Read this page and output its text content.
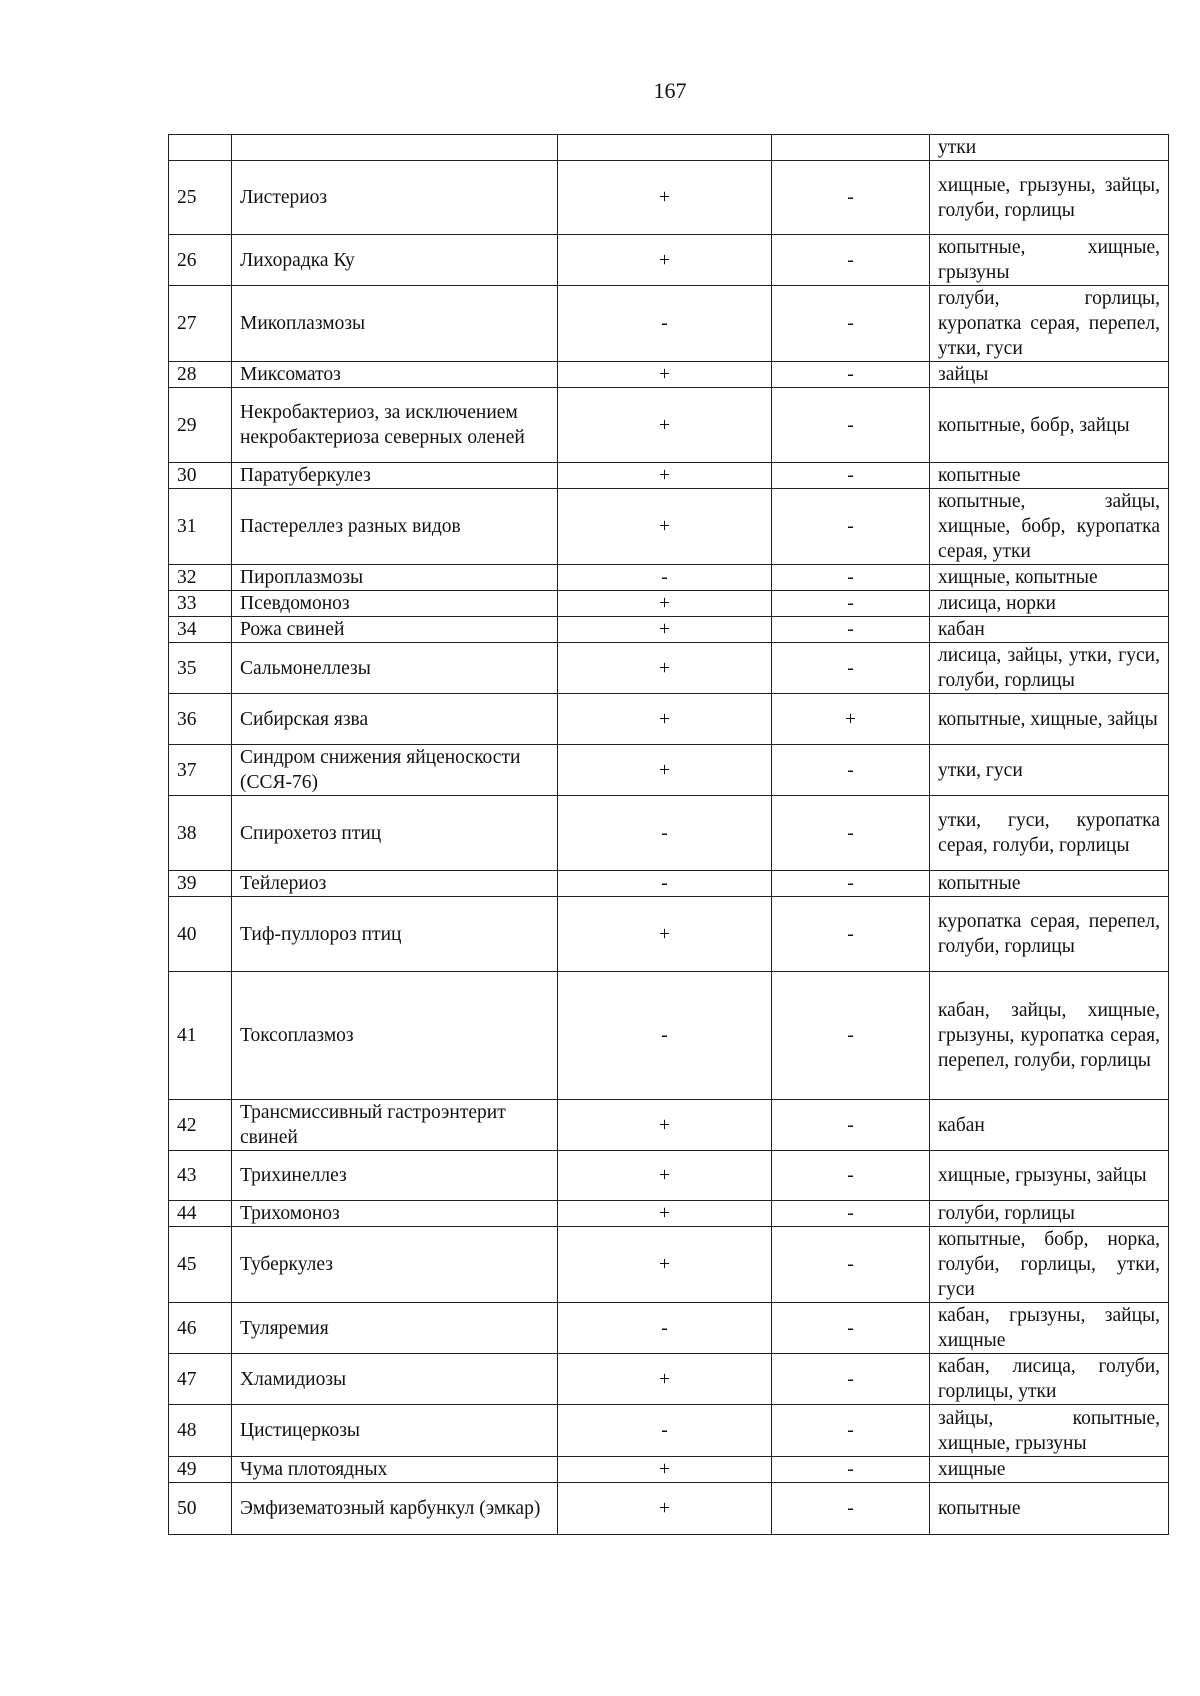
167
				утки
25	Листериоз	+	-	хищные, грызуны, зайцы, голуби, горлицы
26	Лихорадка Ку	+	-	копытные, хищные, грызуны
27	Микоплазмозы	-	-	голуби, горлицы, куропатка серая, перепел, утки, гуси
28	Миксоматоз	+	-	зайцы
29	Некробактериоз, за исключением некробактериоза северных оленей	+	-	копытные, бобр, зайцы
30	Паратуберкулез	+	-	копытные
31	Пастереллез разных видов	+	-	копытные, зайцы, хищные, бобр, куропатка серая, утки
32	Пироплазмозы	-	-	хищные, копытные
33	Псевдомоноз	+	-	лисица, норки
34	Рожа свиней	+	-	кабан
35	Сальмонеллезы	+	-	лисица, зайцы, утки, гуси, голуби, горлицы
36	Сибирская язва	+	+	копытные, хищные, зайцы
37	Синдром снижения яйценоскости (ССЯ-76)	+	-	утки, гуси
38	Спирохетоз птиц	-	-	утки, гуси, куропатка серая, голуби, горлицы
39	Тейлериоз	-	-	копытные
40	Тиф-пуллороз птиц	+	-	куропатка серая, перепел, голуби, горлицы
41	Токсоплазмоз	-	-	кабан, зайцы, хищные, грызуны, куропатка серая, перепел, голуби, горлицы
42	Трансмиссивный гастроэнтерит свиней	+	-	кабан
43	Трихинеллез	+	-	хищные, грызуны, зайцы
44	Трихомоноз	+	-	голуби, горлицы
45	Туберкулез	+	-	копытные, бобр, норка, голуби, горлицы, утки, гуси
46	Туляремия	-	-	кабан, грызуны, зайцы, хищные
47	Хламидиозы	+	-	кабан, лисица, голуби, горлицы, утки
48	Цистицеркозы	-	-	зайцы, копытные, хищные, грызуны
49	Чума плотоядных	+	-	хищные
50	Эмфизематозный карбункул (эмкар)	+	-	копытные
